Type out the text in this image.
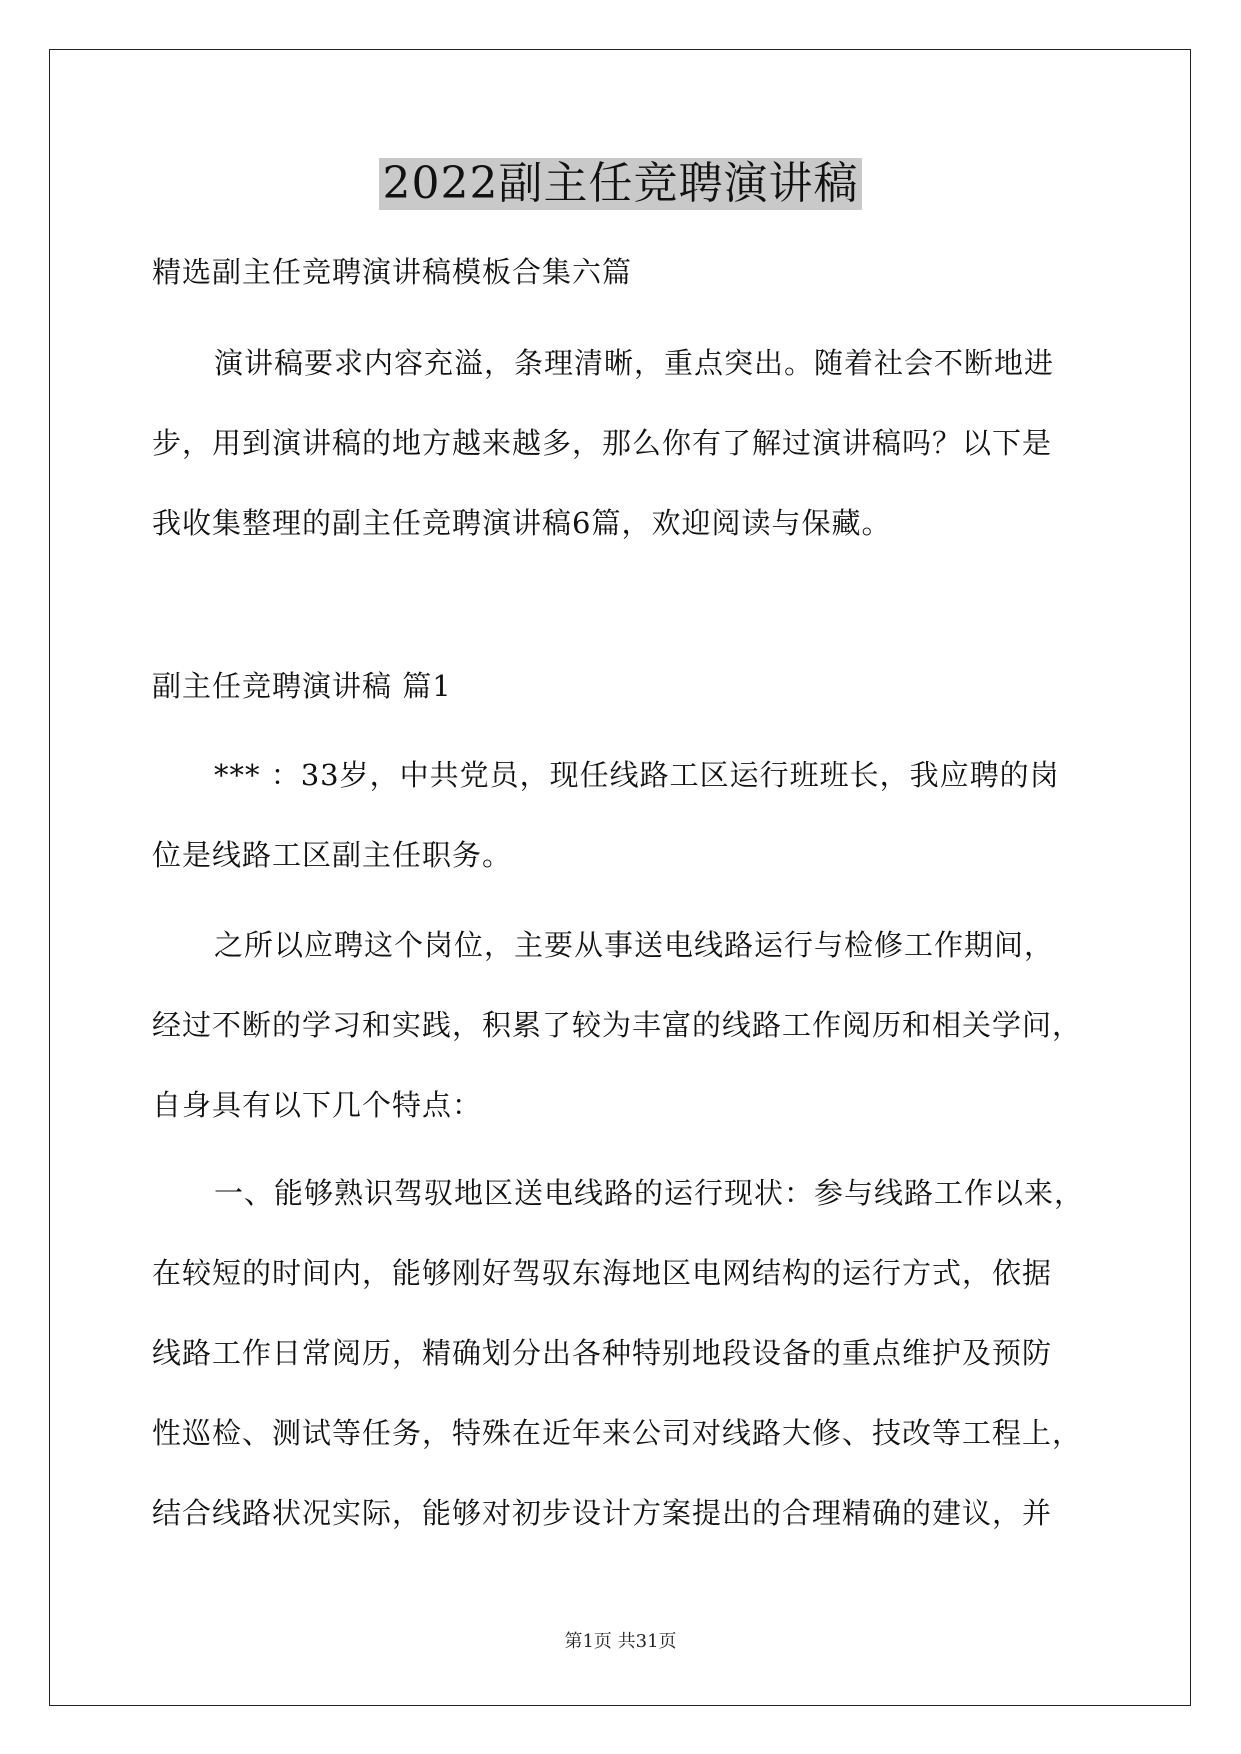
2022副主任竞聘演讲稿
精选副主任竞聘演讲稿模板合集六篇
演讲稿要求内容充溢，条理清晰，重点突出。随着社会不断地进
步，用到演讲稿的地方越来越多，那么你有了解过演讲稿吗？以下是
我收集整理的副主任竞聘演讲稿6篇，欢迎阅读与保藏。
副主任竞聘演讲稿 篇1
*** ：33岁，中共党员，现任线路工区运行班班长，我应聘的岗
位是线路工区副主任职务。
之所以应聘这个岗位，主要从事送电线路运行与检修工作期间，
经过不断的学习和实践，积累了较为丰富的线路工作阅历和相关学问，
自身具有以下几个特点：
一、能够熟识驾驭地区送电线路的运行现状：参与线路工作以来，
在较短的时间内，能够刚好驾驭东海地区电网结构的运行方式，依据
线路工作日常阅历，精确划分出各种特别地段设备的重点维护及预防
性巡检、测试等任务，特殊在近年来公司对线路大修、技改等工程上，
结合线路状况实际，能够对初步设计方案提出的合理精确的建议，并
第1页 共31页
